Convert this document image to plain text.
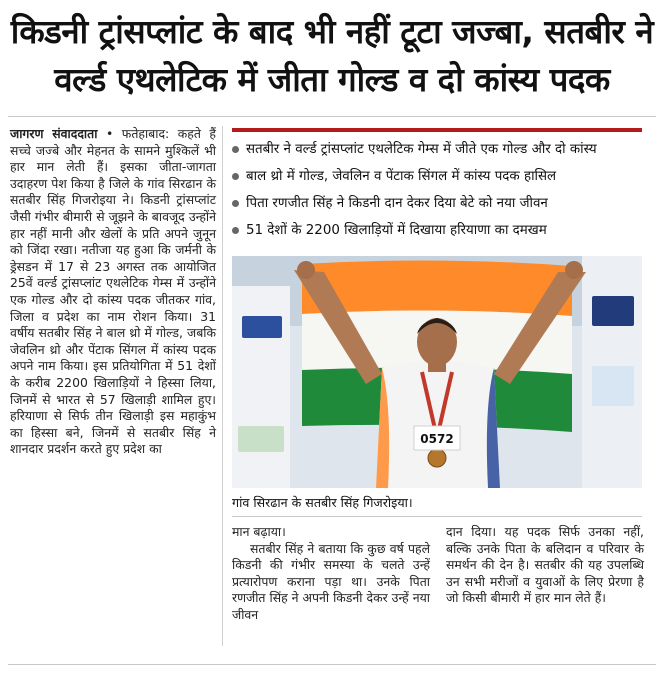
किडनी ट्रांसप्लांट के बाद भी नहीं टूटा जज्बा, सतबीर ने वर्ल्ड एथलेटिक में जीता गोल्ड व दो कांस्य पदक
जागरण संवाददाता • फतेहाबाद: कहते हैं सच्चे जज्बे और मेहनत के सामने मुश्किलें भी हार मान लेती हैं। इसका जीता-जागता उदाहरण पेश किया है जिले के गांव सिरढान के सतबीर सिंह गिजरोइया ने। किडनी ट्रांसप्लांट जैसी गंभीर बीमारी से जूझने के बावजूद उन्होंने हार नहीं मानी और खेलों के प्रति अपने जुनून को जिंदा रखा। नतीजा यह हुआ कि जर्मनी के ड्रेसडन में 17 से 23 अगस्त तक आयोजित 25वें वर्ल्ड ट्रांसप्लांट एथलेटिक गेम्स में उन्होंने एक गोल्ड और दो कांस्य पदक जीतकर गांव, जिला व प्रदेश का नाम रोशन किया। 31 वर्षीय सतबीर सिंह ने बाल थ्रो में गोल्ड, जबकि जेवलिन थ्रो और पेंटाक सिंगल में कांस्य पदक अपने नाम किया। इस प्रतियोगिता में 51 देशों के करीब 2200 खिलाड़ियों ने हिस्सा लिया, जिनमें से भारत से 57 खिलाड़ी शामिल हुए। हरियाणा से सिर्फ तीन खिलाड़ी इस महाकुंभ का हिस्सा बने, जिनमें से सतबीर सिंह ने शानदार प्रदर्शन करते हुए प्रदेश का
सतबीर ने वर्ल्ड ट्रांसप्लांट एथलेटिक गेम्स में जीते एक गोल्ड और दो कांस्य
बाल थ्रो में गोल्ड, जेवलिन व पेंटाक सिंगल में कांस्य पदक हासिल
पिता रणजीत सिंह ने किडनी दान देकर दिया बेटे को नया जीवन
51 देशों के 2200 खिलाड़ियों में दिखाया हरियाणा का दमखम
0572
गांव सिरढान के सतबीर सिंह गिजरोइया।

मान बढ़ाया।

सतबीर सिंह ने बताया कि कुछ वर्ष पहले किडनी की गंभीर समस्या के चलते उन्हें प्रत्यारोपण कराना पड़ा था। उनके पिता रणजीत सिंह ने अपनी किडनी देकर उन्हें नया जीवन

दान दिया। यह पदक सिर्फ उनका नहीं, बल्कि उनके पिता के बलिदान व परिवार के समर्थन की देन है। सतबीर की यह उपलब्धि उन सभी मरीजों व युवाओं के लिए प्रेरणा है जो किसी बीमारी में हार मान लेते हैं।
